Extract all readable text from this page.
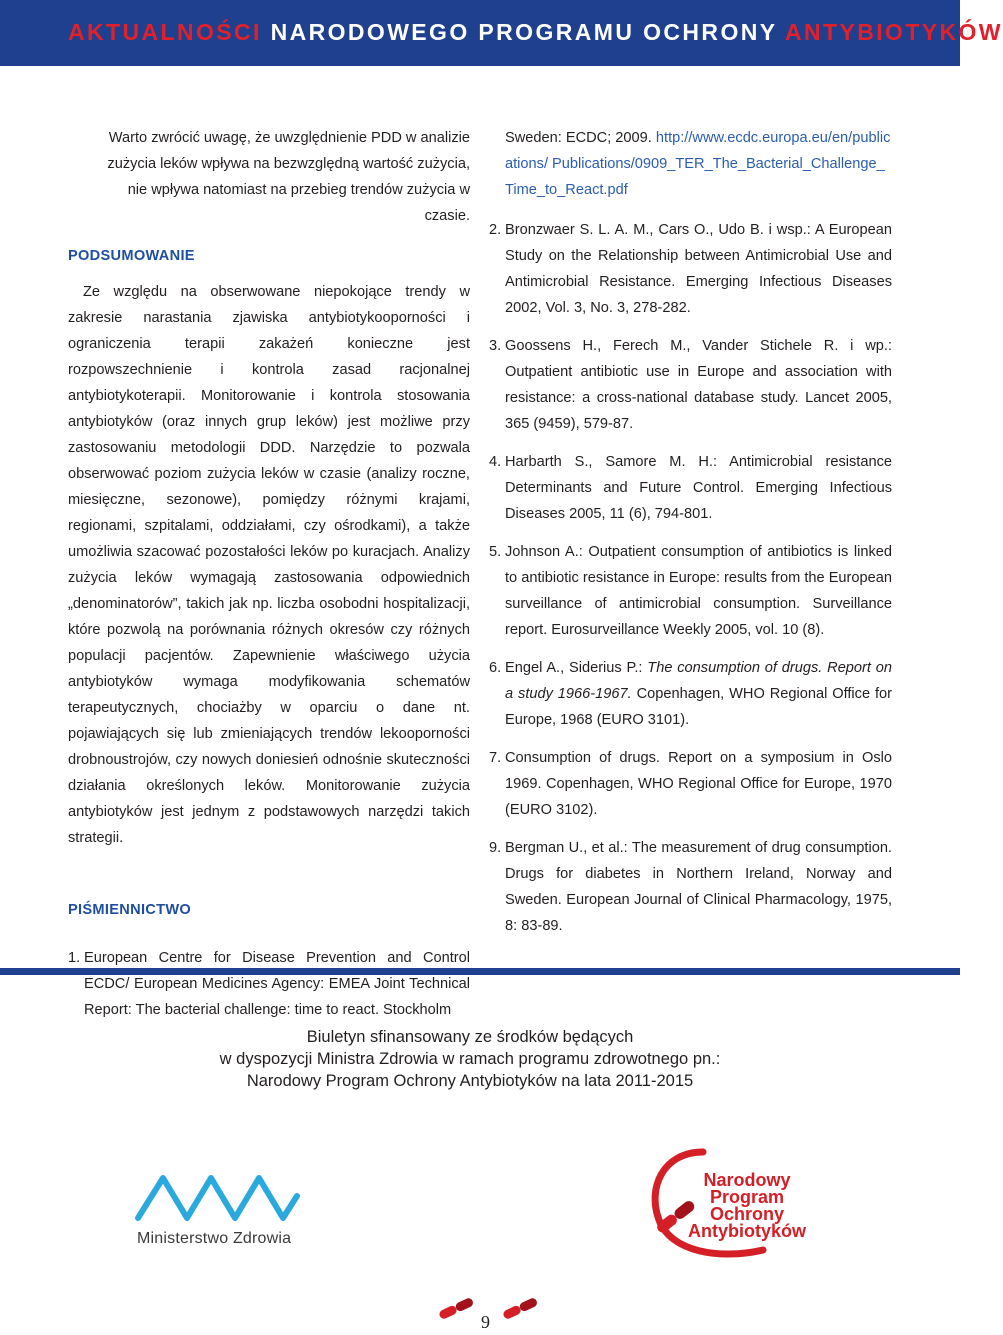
AKTUALNOŚCI NARODOWEGO PROGRAMU OCHRONY ANTYBIOTYKÓW

Warto zwrócić uwagę, że uwzględnienie PDD w analizie zużycia leków wpływa na bezwzględną wartość zużycia, nie wpływa natomiast na przebieg trendów zużycia w czasie.

PODSUMOWANIE

Ze względu na obserwowane niepokojące trendy w zakresie narastania zjawiska antybiotykooporności i ograniczenia terapii zakażeń konieczne jest rozpowszechnienie i kontrola zasad racjonalnej antybiotykoterapii. Monitorowanie i kontrola stosowania antybiotyków (oraz innych grup leków) jest możliwe przy zastosowaniu metodologii DDD. Narzędzie to pozwala obserwować poziom zużycia leków w czasie (analizy roczne, miesięczne, sezonowe), pomiędzy różnymi krajami, regionami, szpitalami, oddziałami, czy ośrodkami), a także umożliwia szacować pozostałości leków po kuracjach. Analizy zużycia leków wymagają zastosowania odpowiednich „denominatorów”, takich jak np. liczba osobodni hospitalizacji, które pozwolą na porównania różnych okresów czy różnych populacji pacjentów. Zapewnienie właściwego użycia antybiotyków wymaga modyfikowania schematów terapeutycznych, chociażby w oparciu o dane nt. pojawiających się lub zmieniających trendów lekooporności drobnoustrojów, czy nowych doniesień odnośnie skuteczności działania określonych leków. Monitorowanie zużycia antybiotyków jest jednym z podstawowych narzędzi takich strategii.

PIŚMIENNICTWO

1. European Centre for Disease Prevention and Control ECDC/ European Medicines Agency: EMEA Joint Technical Report: The bacterial challenge: time to react. Stockholm
Sweden: ECDC; 2009. http://www.ecdc.europa.eu/en/publications/ Publications/0909_TER_The_Bacterial_Challenge_Time_to_React.pdf
2. Bronzwaer S. L. A. M., Cars O., Udo B. i wsp.: A European Study on the Relationship between Antimicrobial Use and Antimicrobial Resistance. Emerging Infectious Diseases 2002, Vol. 3, No. 3, 278-282.
3. Goossens H., Ferech M., Vander Stichele R. i wp.: Outpatient antibiotic use in Europe and association with resistance: a cross-national database study. Lancet 2005, 365 (9459), 579-87.
4. Harbarth S., Samore M. H.: Antimicrobial resistance Determinants and Future Control. Emerging Infectious Diseases 2005, 11 (6), 794-801.
5. Johnson A.: Outpatient consumption of antibiotics is linked to antibiotic resistance in Europe: results from the European surveillance of antimicrobial consumption. Surveillance report. Eurosurveillance Weekly 2005, vol. 10 (8).
6. Engel A., Siderius P.: The consumption of drugs. Report on a study 1966-1967. Copenhagen, WHO Regional Office for Europe, 1968 (EURO 3101).
7. Consumption of drugs. Report on a symposium in Oslo 1969. Copenhagen, WHO Regional Office for Europe, 1970 (EURO 3102).
9. Bergman U., et al.: The measurement of drug consumption. Drugs for diabetes in Northern Ireland, Norway and Sweden. European Journal of Clinical Pharmacology, 1975, 8: 83-89.
Biuletyn sfinansowany ze środków będących
w dyspozycji Ministra Zdrowia w ramach programu zdrowotnego pn.:
Narodowy Program Ochrony Antybiotyków na lata 2011-2015
Ministerstwo Zdrowia
Narodowy
Program
Ochrony
Antybiotyków
9
